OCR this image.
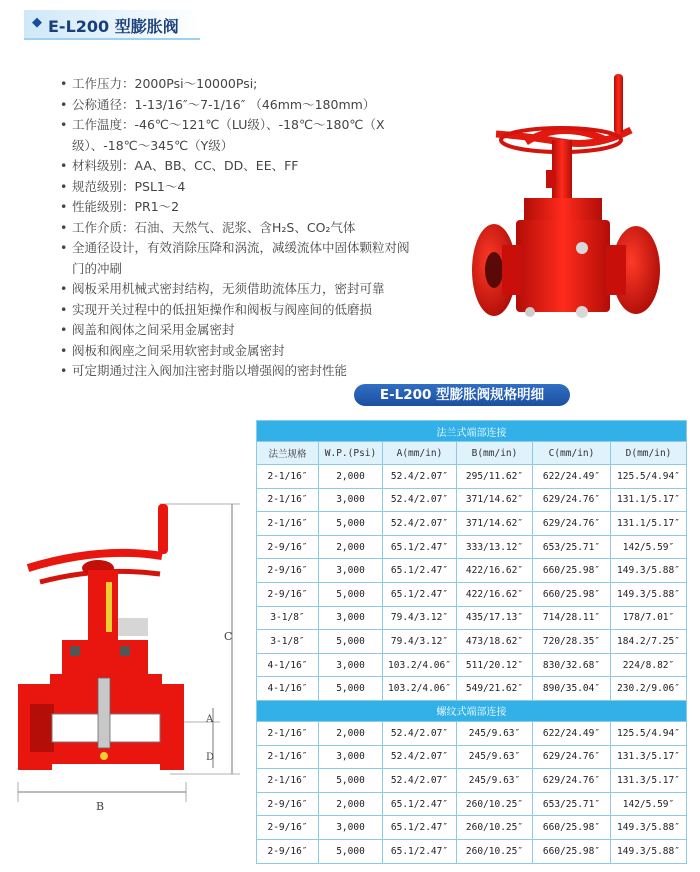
◆ E-L200 型膨胀阀
• 工作压力：2000Psi～10000Psi;
• 公称通径：1-13/16″～7-1/16″ （46mm～180mm）
• 工作温度：-46℃～121℃（LU级）、-18℃～180℃（X级）、-18℃～345℃（Y级）
• 材料级别：AA、BB、CC、DD、EE、FF
• 规范级别：PSL1～4
• 性能级别：PR1～2
• 工作介质：石油、天然气、泥浆、含H₂S、CO₂气体
• 全通径设计，有效消除压降和涡流，减缓流体中固体颗粒对阀门的冲刷
• 阀板采用机械式密封结构，无须借助流体压力，密封可靠
• 实现开关过程中的低扭矩操作和阀板与阀座间的低磨损
• 阀盖和阀体之间采用金属密封
• 阀板和阀座之间采用软密封或金属密封
• 可定期通过注入阀加注密封脂以增强阀的密封性能
E-L200 型膨胀阀规格明细
C
A
D
B
法兰式端部连接					
法兰规格	W.P.(Psi)	A(mm/in)	B(mm/in)	C(mm/in)	D(mm/in)
2-1/16″	2,000	52.4/2.07″	295/11.62″	622/24.49″	125.5/4.94″
2-1/16″	3,000	52.4/2.07″	371/14.62″	629/24.76″	131.1/5.17″
2-1/16″	5,000	52.4/2.07″	371/14.62″	629/24.76″	131.1/5.17″
2-9/16″	2,000	65.1/2.47″	333/13.12″	653/25.71″	142/5.59″
2-9/16″	3,000	65.1/2.47″	422/16.62″	660/25.98″	149.3/5.88″
2-9/16″	5,000	65.1/2.47″	422/16.62″	660/25.98″	149.3/5.88″
3-1/8″	3,000	79.4/3.12″	435/17.13″	714/28.11″	178/7.01″
3-1/8″	5,000	79.4/3.12″	473/18.62″	720/28.35″	184.2/7.25″
4-1/16″	3,000	103.2/4.06″	511/20.12″	830/32.68″	224/8.82″
4-1/16″	5,000	103.2/4.06″	549/21.62″	890/35.04″	230.2/9.06″
螺纹式端部连接					
2-1/16″	2,000	52.4/2.07″	245/9.63″	622/24.49″	125.5/4.94″
2-1/16″	3,000	52.4/2.07″	245/9.63″	629/24.76″	131.3/5.17″
2-1/16″	5,000	52.4/2.07″	245/9.63″	629/24.76″	131.3/5.17″
2-9/16″	2,000	65.1/2.47″	260/10.25″	653/25.71″	142/5.59″
2-9/16″	3,000	65.1/2.47″	260/10.25″	660/25.98″	149.3/5.88″
2-9/16″	5,000	65.1/2.47″	260/10.25″	660/25.98″	149.3/5.88″
